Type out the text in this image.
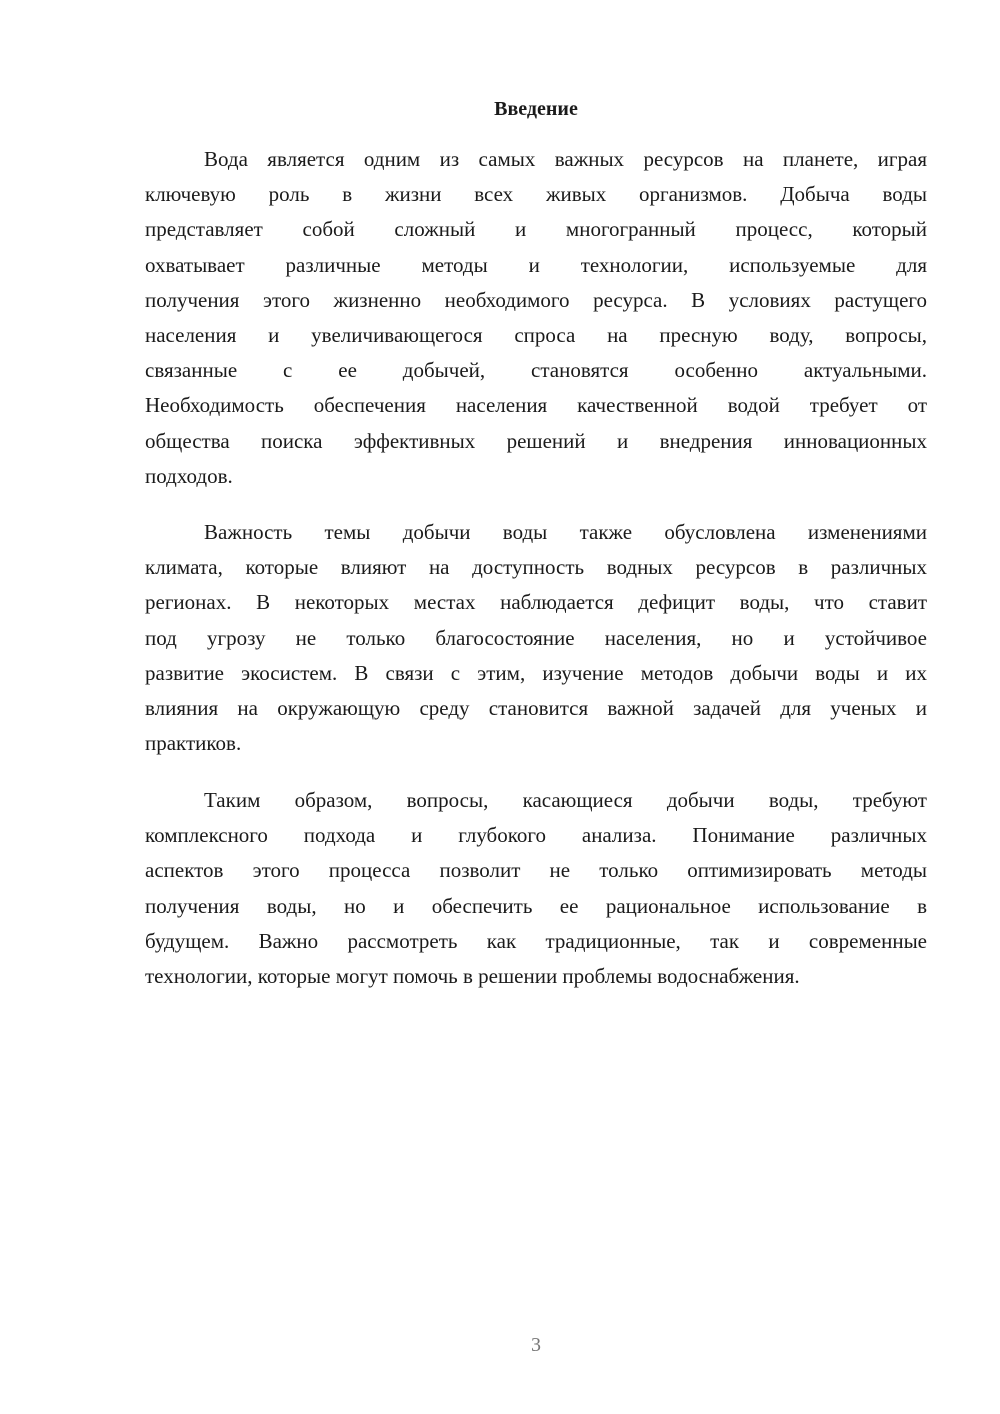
Введение
Вода является одним из самых важных ресурсов на планете, играя
ключевую роль в жизни всех живых организмов. Добыча воды
представляет собой сложный и многогранный процесс, который
охватывает различные методы и технологии, используемые для
получения этого жизненно необходимого ресурса. В условиях растущего
населения и увеличивающегося спроса на пресную воду, вопросы,
связанные с ее добычей, становятся особенно актуальными.
Необходимость обеспечения населения качественной водой требует от
общества поиска эффективных решений и внедрения инновационных
подходов.
Важность темы добычи воды также обусловлена изменениями
климата, которые влияют на доступность водных ресурсов в различных
регионах. В некоторых местах наблюдается дефицит воды, что ставит
под угрозу не только благосостояние населения, но и устойчивое
развитие экосистем. В связи с этим, изучение методов добычи воды и их
влияния на окружающую среду становится важной задачей для ученых и
практиков.
Таким образом, вопросы, касающиеся добычи воды, требуют
комплексного подхода и глубокого анализа. Понимание различных
аспектов этого процесса позволит не только оптимизировать методы
получения воды, но и обеспечить ее рациональное использование в
будущем. Важно рассмотреть как традиционные, так и современные
технологии, которые могут помочь в решении проблемы водоснабжения.
3
